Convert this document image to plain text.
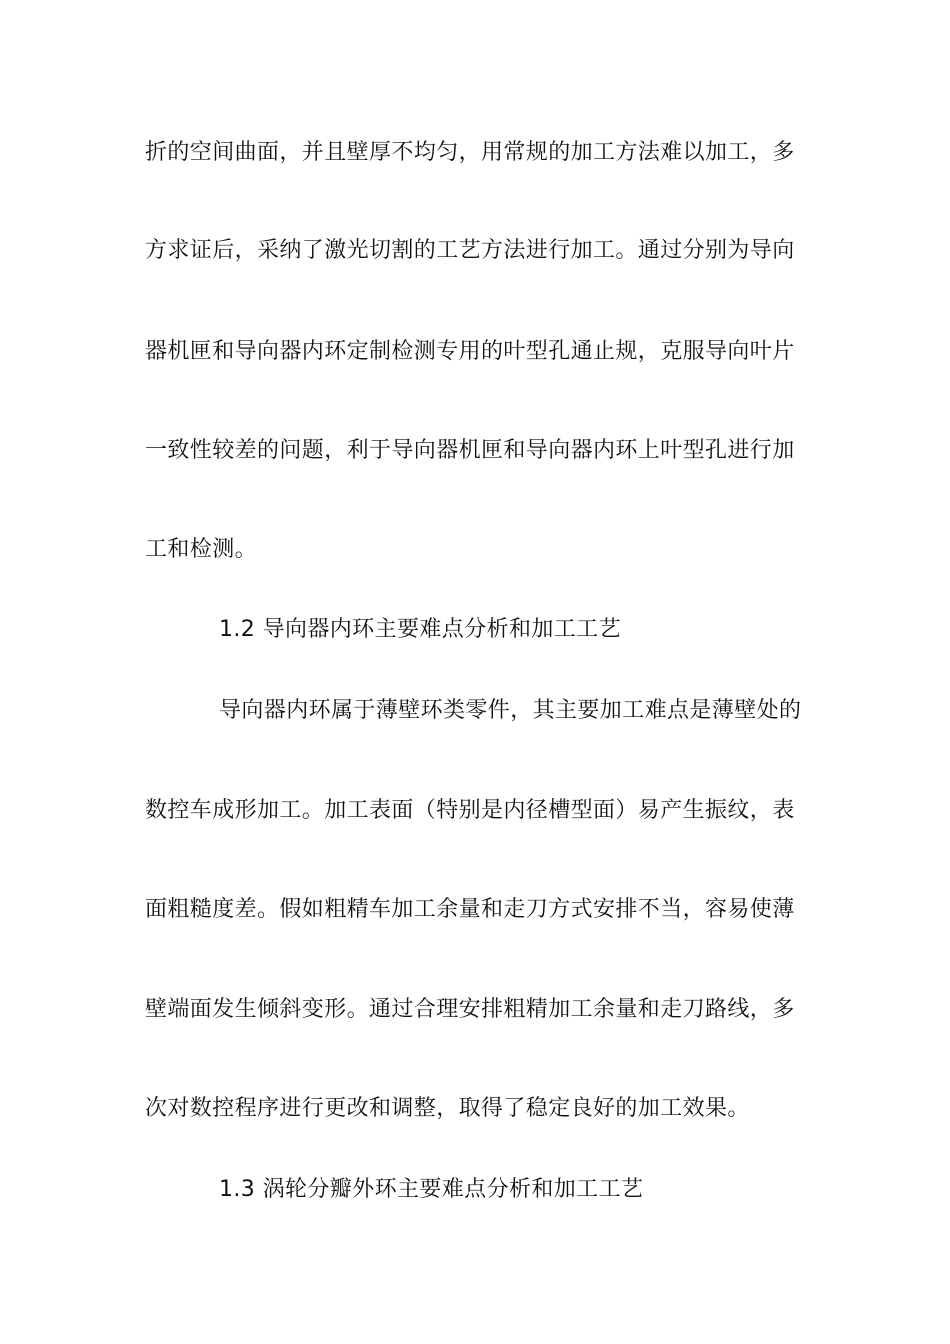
折的空间曲面，并且壁厚不均匀，用常规的加工方法难以加工，多
方求证后，采纳了激光切割的工艺方法进行加工。通过分别为导向
器机匣和导向器内环定制检测专用的叶型孔通止规，克服导向叶片
一致性较差的问题，利于导向器机匣和导向器内环上叶型孔进行加
工和检测。
1.2 导向器内环主要难点分析和加工工艺
导向器内环属于薄壁环类零件，其主要加工难点是薄壁处的
数控车成形加工。加工表面（特别是内径槽型面）易产生振纹，表
面粗糙度差。假如粗精车加工余量和走刀方式安排不当，容易使薄
壁端面发生倾斜变形。通过合理安排粗精加工余量和走刀路线，多
次对数控程序进行更改和调整，取得了稳定良好的加工效果。
1.3 涡轮分瓣外环主要难点分析和加工工艺
